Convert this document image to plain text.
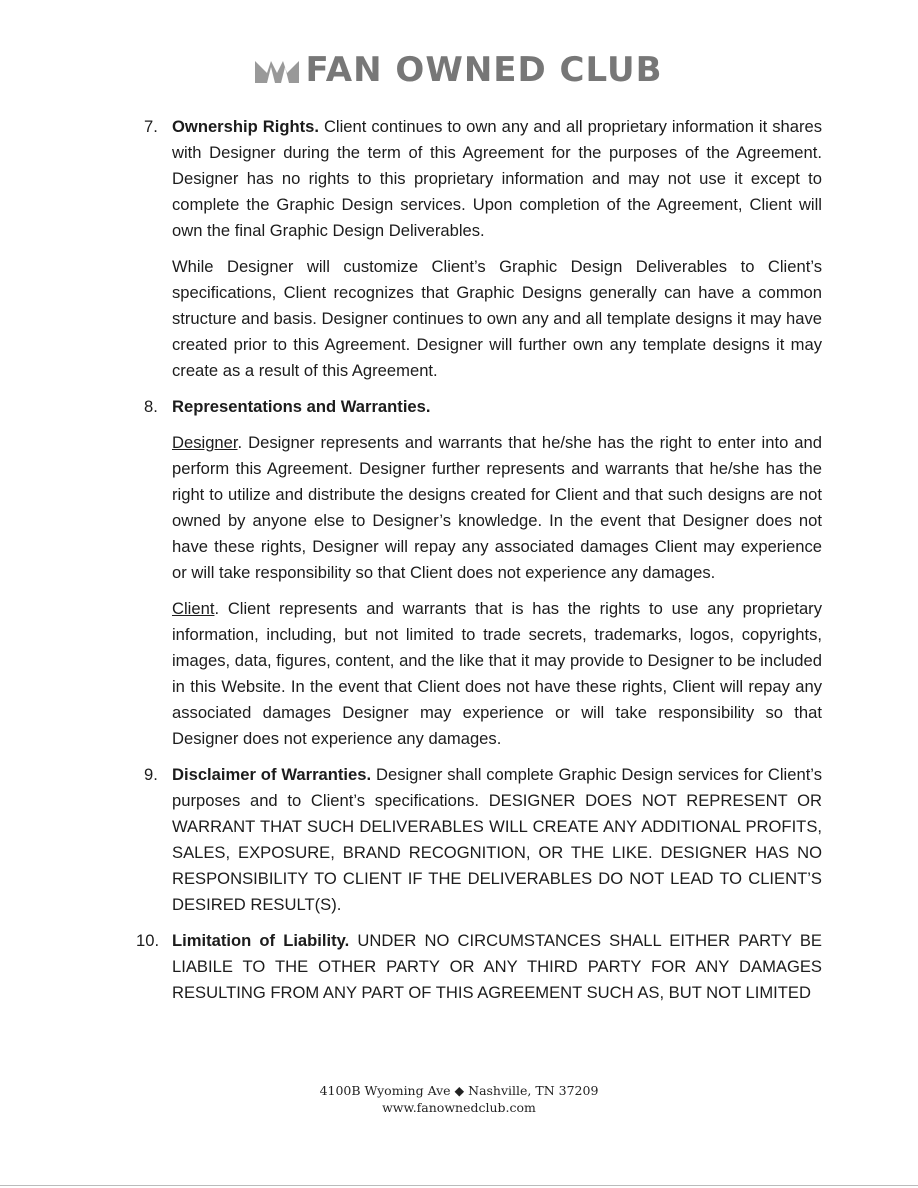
FAN OWNED CLUB
7. Ownership Rights. Client continues to own any and all proprietary information it shares with Designer during the term of this Agreement for the purposes of the Agreement. Designer has no rights to this proprietary information and may not use it except to complete the Graphic Design services. Upon completion of the Agreement, Client will own the final Graphic Design Deliverables.

While Designer will customize Client’s Graphic Design Deliverables to Client’s specifications, Client recognizes that Graphic Designs generally can have a common structure and basis. Designer continues to own any and all template designs it may have created prior to this Agreement. Designer will further own any template designs it may create as a result of this Agreement.

8. Representations and Warranties.

Designer. Designer represents and warrants that he/she has the right to enter into and perform this Agreement. Designer further represents and warrants that he/she has the right to utilize and distribute the designs created for Client and that such designs are not owned by anyone else to Designer’s knowledge. In the event that Designer does not have these rights, Designer will repay any associated damages Client may experience or will take responsibility so that Client does not experience any damages.

Client. Client represents and warrants that is has the rights to use any proprietary information, including, but not limited to trade secrets, trademarks, logos, copyrights, images, data, figures, content, and the like that it may provide to Designer to be included in this Website. In the event that Client does not have these rights, Client will repay any associated damages Designer may experience or will take responsibility so that Designer does not experience any damages.

9. Disclaimer of Warranties. Designer shall complete Graphic Design services for Client’s purposes and to Client’s specifications. DESIGNER DOES NOT REPRESENT OR WARRANT THAT SUCH DELIVERABLES WILL CREATE ANY ADDITIONAL PROFITS, SALES, EXPOSURE, BRAND RECOGNITION, OR THE LIKE. DESIGNER HAS NO RESPONSIBILITY TO CLIENT IF THE DELIVERABLES DO NOT LEAD TO CLIENT’S DESIRED RESULT(S).

10. Limitation of Liability. UNDER NO CIRCUMSTANCES SHALL EITHER PARTY BE LIABILE TO THE OTHER PARTY OR ANY THIRD PARTY FOR ANY DAMAGES RESULTING FROM ANY PART OF THIS AGREEMENT SUCH AS, BUT NOT LIMITED

4100B Wyoming Ave ◆ Nashville, TN 37209
www.fanownedclub.com
